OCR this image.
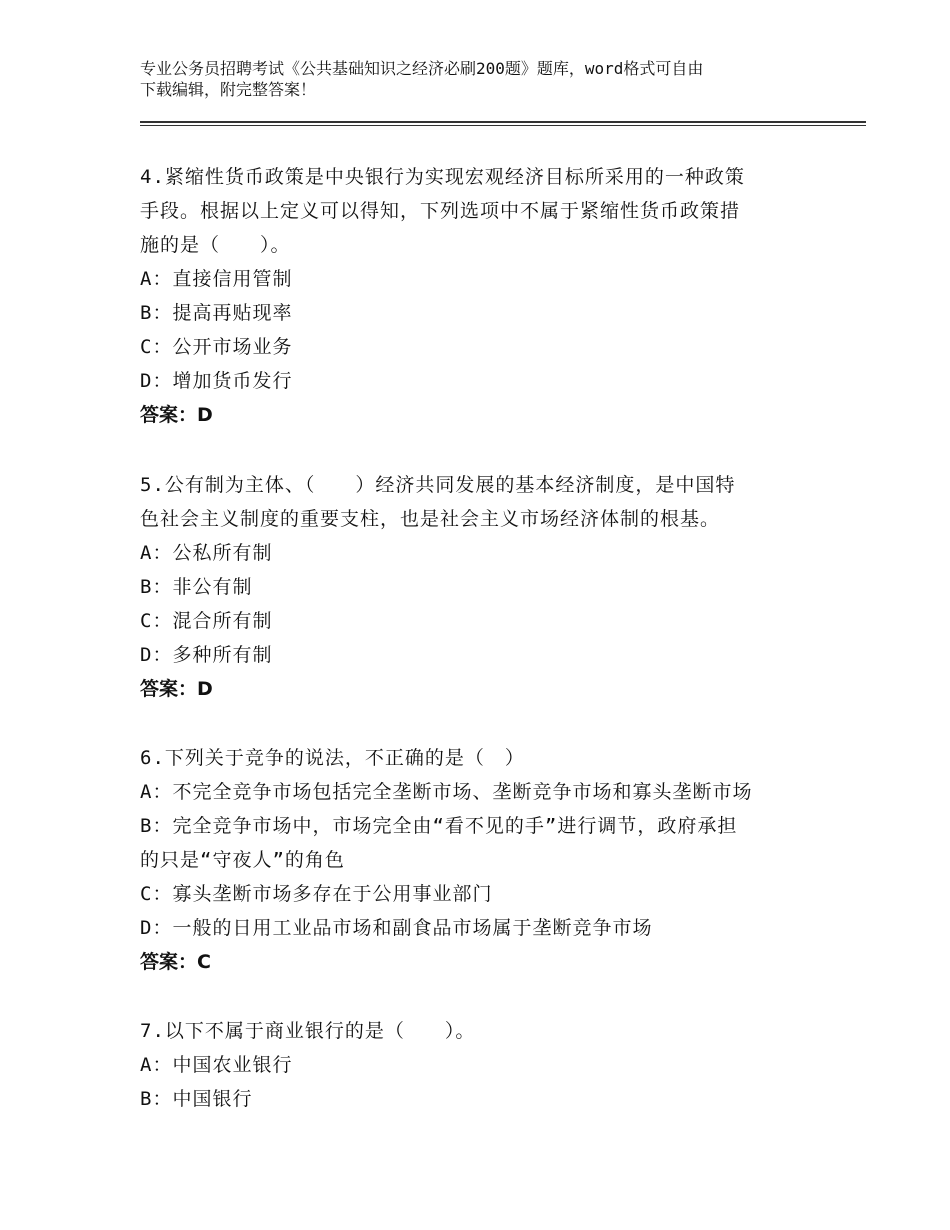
专业公务员招聘考试《公共基础知识之经济必刷200题》题库，word格式可自由
下载编辑，附完整答案！
4.紧缩性货币政策是中央银行为实现宏观经济目标所采用的一种政策
手段。根据以上定义可以得知，下列选项中不属于紧缩性货币政策措
施的是（　　）。
A：直接信用管制
B：提高再贴现率
C：公开市场业务
D：增加货币发行
答案：D
5.公有制为主体、（　　）经济共同发展的基本经济制度，是中国特
色社会主义制度的重要支柱，也是社会主义市场经济体制的根基。
A：公私所有制
B：非公有制
C：混合所有制
D：多种所有制
答案：D
6.下列关于竞争的说法，不正确的是（　）
A：不完全竞争市场包括完全垄断市场、垄断竞争市场和寡头垄断市场
B：完全竞争市场中，市场完全由“看不见的手”进行调节，政府承担
的只是“守夜人”的角色
C：寡头垄断市场多存在于公用事业部门
D：一般的日用工业品市场和副食品市场属于垄断竞争市场
答案：C
7.以下不属于商业银行的是（　　）。
A：中国农业银行
B：中国银行
